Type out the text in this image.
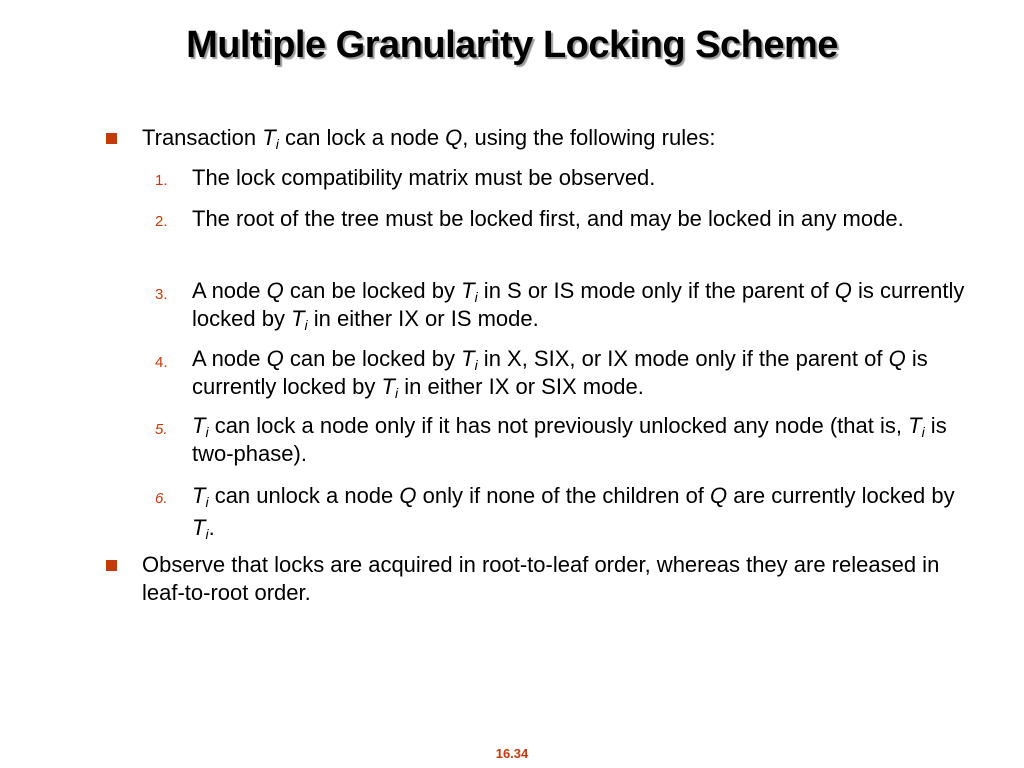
Multiple Granularity Locking Scheme
Transaction $T_i$ can lock a node Q, using the following rules:
1. The lock compatibility matrix must be observed.
2. The root of the tree must be locked first, and may be locked in any mode.
3. A node Q can be locked by $T_i$ in S or IS mode only if the parent of Q is currently locked by $T_i$ in either IX or IS mode.
4. A node Q can be locked by $T_i$ in X, SIX, or IX mode only if the parent of Q is currently locked by $T_i$ in either IX or SIX mode.
5. $T_i$ can lock a node only if it has not previously unlocked any node (that is, $T_i$ is two-phase).
6. $T_i$ can unlock a node Q only if none of the children of Q are currently locked by $T_i$.
Observe that locks are acquired in root-to-leaf order, whereas they are released in leaf-to-root order.
16.34
